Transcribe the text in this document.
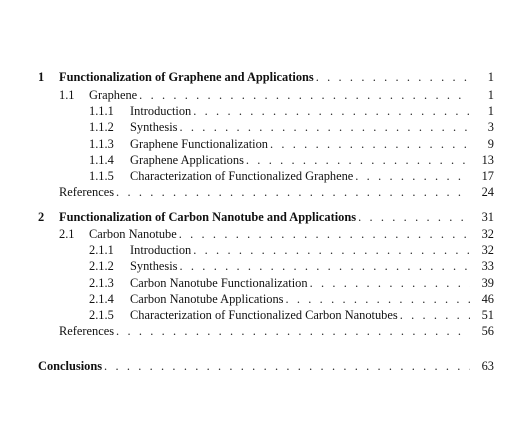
1 Functionalization of Graphene and Applications . . .	1
1.1 Graphene . . .	1
1.1.1 Introduction . . .	1
1.1.2 Synthesis . . .	3
1.1.3 Graphene Functionalization . . .	9
1.1.4 Graphene Applications . . .	13
1.1.5 Characterization of Functionalized Graphene . . .	17
References . . .	24
2 Functionalization of Carbon Nanotube and Applications . . .	31
2.1 Carbon Nanotube . . .	32
2.1.1 Introduction . . .	32
2.1.2 Synthesis . . .	33
2.1.3 Carbon Nanotube Functionalization . . .	39
2.1.4 Carbon Nanotube Applications . . .	46
2.1.5 Characterization of Functionalized Carbon Nanotubes . . .	51
References . . .	56
Conclusions . . .	63
